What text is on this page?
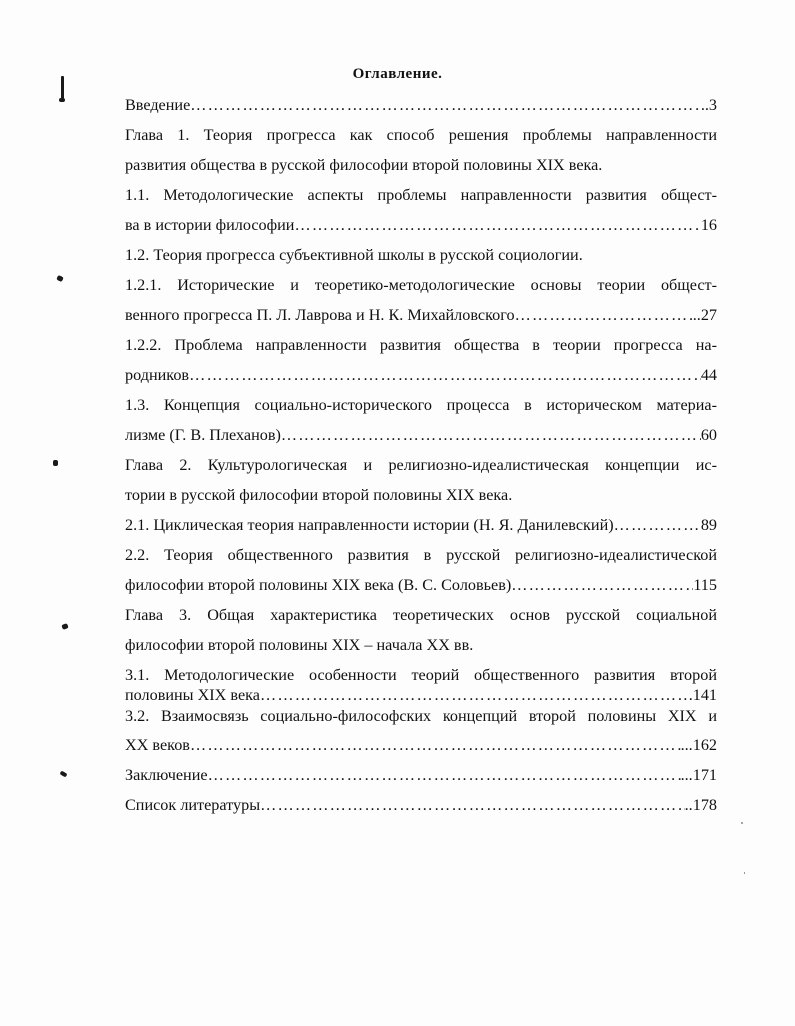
Оглавление.
Введение …………………………………………………………………………………………………………………………………………………………………………………………………………	..3
Глава 1. Теория прогресса как способ решения проблемы направленности
развития общества в русской философии второй половины XIX века.
1.1. Методологические аспекты проблемы направленности развития общест-
ва в истории философии …………………………………………………………………………………………………………………………………………………………………………………………………………	16
1.2. Теория прогресса субъективной школы в русской социологии.
1.2.1. Исторические и теоретико-методологические основы теории общест-
венного прогресса П. Л. Лаврова и Н. К. Михайловского …………………………………………………………………………………………………………………………………………………………………………………………………………	..27
1.2.2. Проблема направленности развития общества в теории прогресса на-
родников …………………………………………………………………………………………………………………………………………………………………………………………………………	44
1.3. Концепция социально-исторического процесса в историческом материа-
лизме (Г. В. Плеханов) …………………………………………………………………………………………………………………………………………………………………………………………………………	60
Глава 2. Культурологическая и религиозно-идеалистическая концепции ис-
тории в русской философии второй половины XIX века.
2.1. Циклическая теория направленности истории (Н. Я. Данилевский) …………………………………………………………………………………………………………………………………………………………………………………………………………	89
2.2. Теория общественного развития в русской религиозно-идеалистической
философии второй половины XIX века (В. С. Соловьев) …………………………………………………………………………………………………………………………………………………………………………………………………………	115
Глава 3. Общая характеристика теоретических основ русской социальной
философии второй половины XIX – начала XX вв.
3.1. Методологические особенности теорий общественного развития второй
половины XIX века …………………………………………………………………………………………………………………………………………………………………………………………………………	141
3.2. Взаимосвязь социально-философских концепций второй половины XIX и
XX веков …………………………………………………………………………………………………………………………………………………………………………………………………………	...162
Заключение …………………………………………………………………………………………………………………………………………………………………………………………………………	...171
Список литературы …………………………………………………………………………………………………………………………………………………………………………………………………………	..178
